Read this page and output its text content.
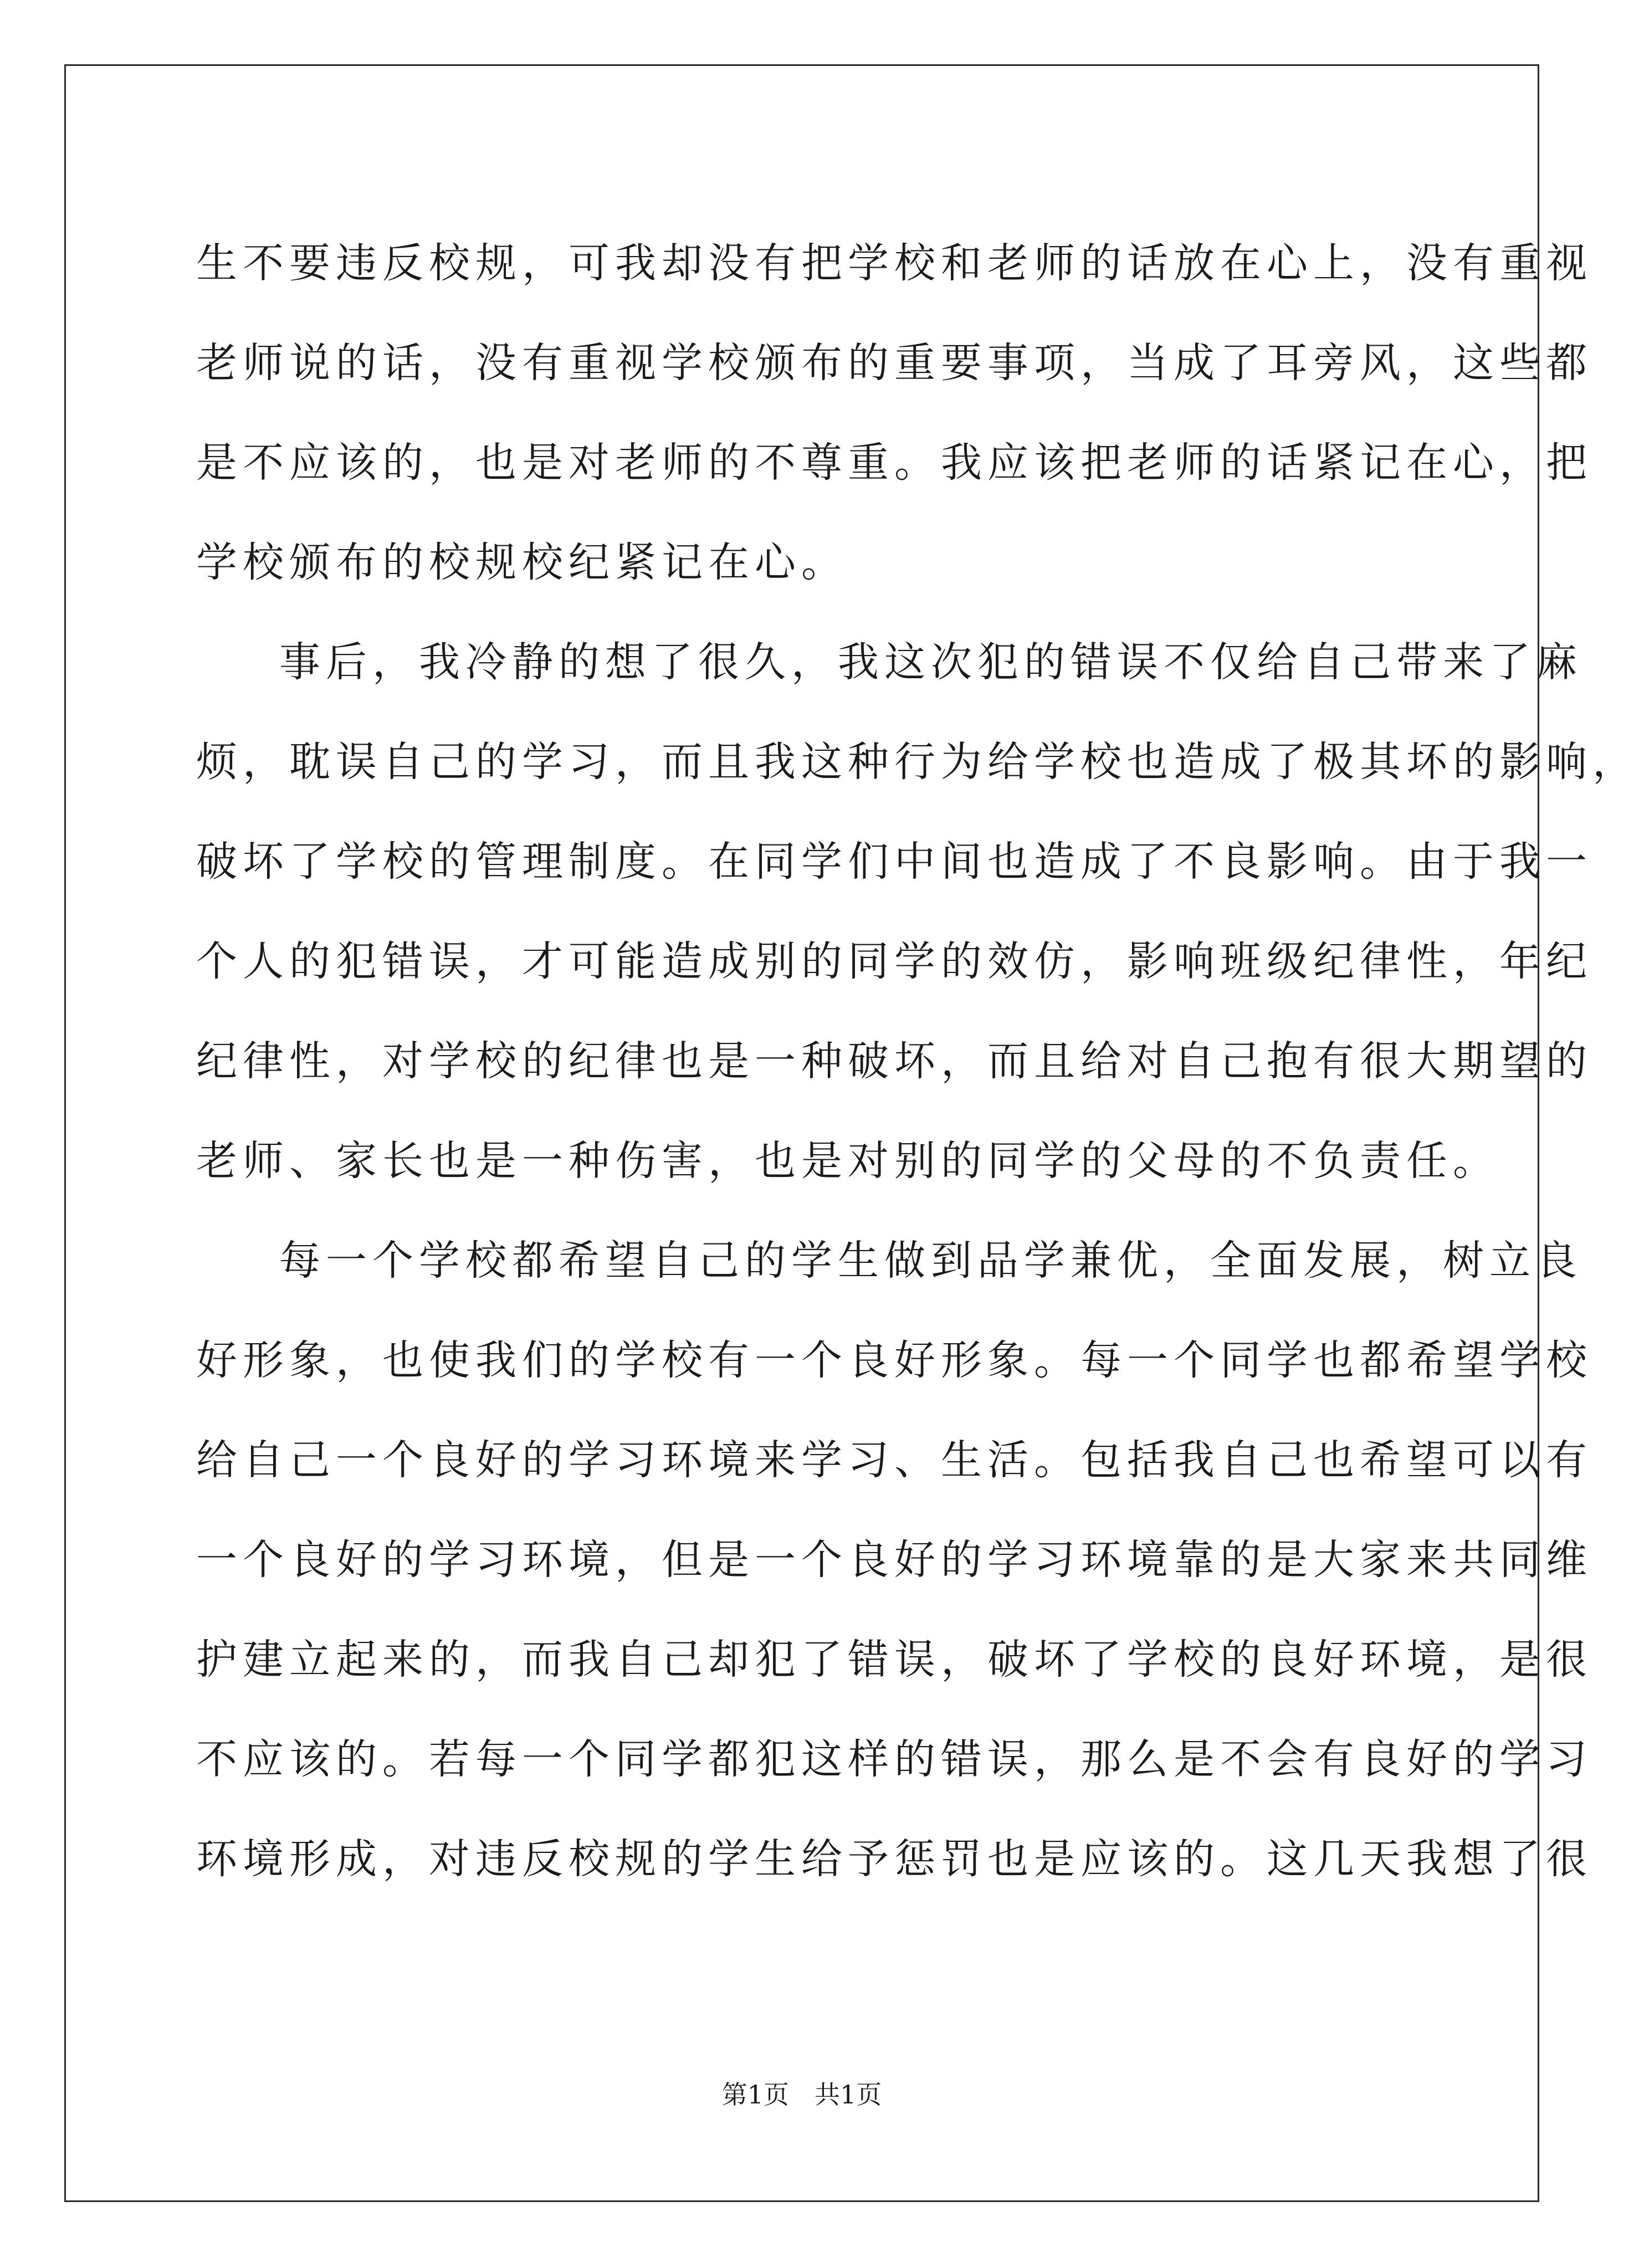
生不要违反校规，可我却没有把学校和老师的话放在心上，没有重视
老师说的话，没有重视学校颁布的重要事项，当成了耳旁风，这些都
是不应该的，也是对老师的不尊重。我应该把老师的话紧记在心，把
学校颁布的校规校纪紧记在心。
事后，我冷静的想了很久，我这次犯的错误不仅给自己带来了麻
烦，耽误自己的学习，而且我这种行为给学校也造成了极其坏的影响，
破坏了学校的管理制度。在同学们中间也造成了不良影响。由于我一
个人的犯错误，才可能造成别的同学的效仿，影响班级纪律性，年纪
纪律性，对学校的纪律也是一种破坏，而且给对自己抱有很大期望的
老师、家长也是一种伤害，也是对别的同学的父母的不负责任。
每一个学校都希望自己的学生做到品学兼优，全面发展，树立良
好形象，也使我们的学校有一个良好形象。每一个同学也都希望学校
给自己一个良好的学习环境来学习、生活。包括我自己也希望可以有
一个良好的学习环境，但是一个良好的学习环境靠的是大家来共同维
护建立起来的，而我自己却犯了错误，破坏了学校的良好环境，是很
不应该的。若每一个同学都犯这样的错误，那么是不会有良好的学习
环境形成，对违反校规的学生给予惩罚也是应该的。这几天我想了很
第1页 共1页
